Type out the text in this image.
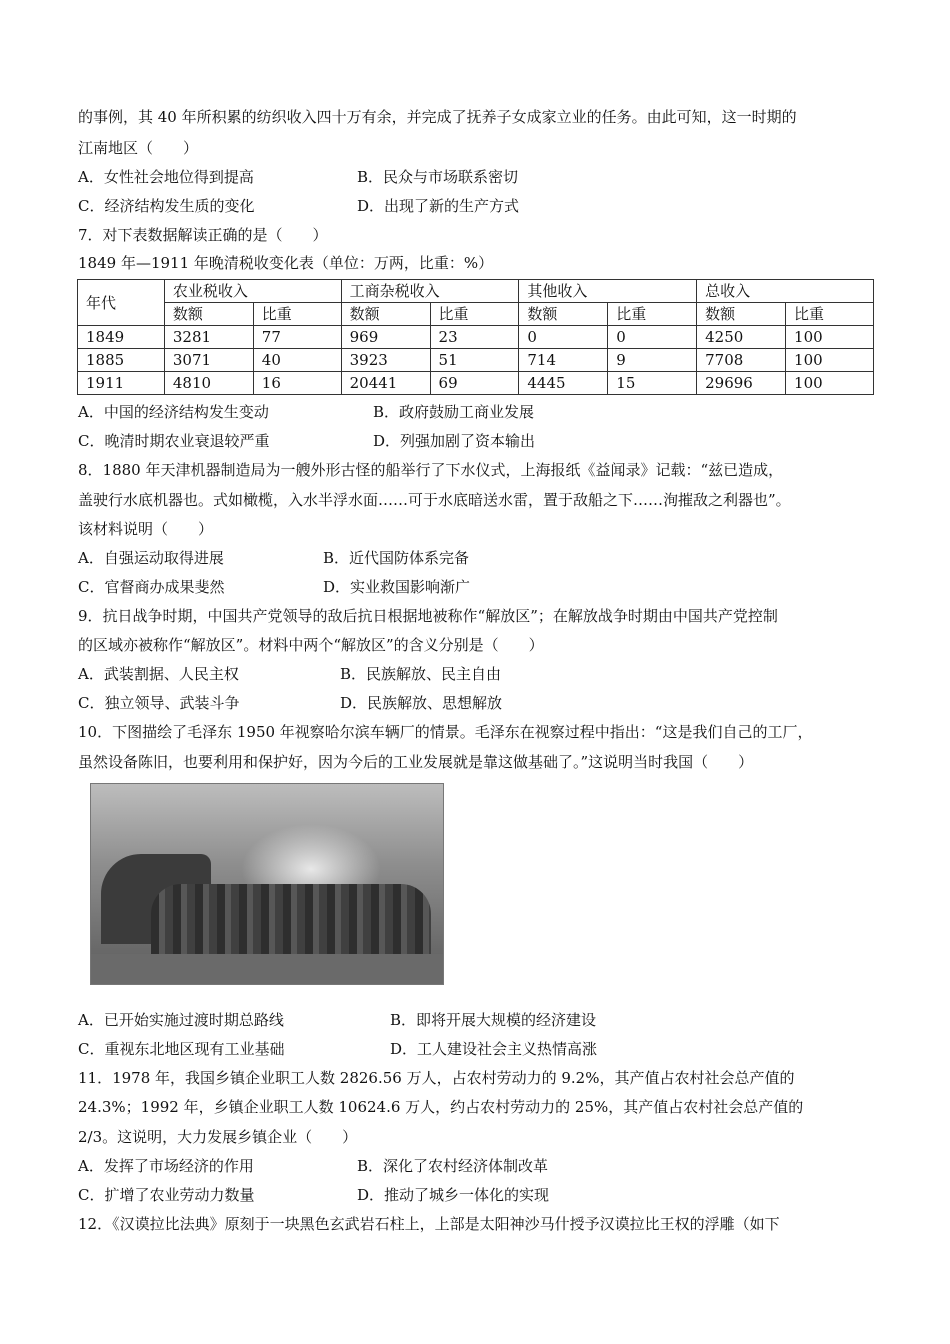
的事例，其 40 年所积累的纺织收入四十万有余，并完成了抚养子女成家立业的任务。由此可知，这一时期的
江南地区（　　）
A．女性社会地位得到提高	B．民众与市场联系密切
C．经济结构发生质的变化	D．出现了新的生产方式
7．对下表数据解读正确的是（　　）
1849 年—1911 年晚清税收变化表（单位：万两，比重：%）
年代	农业税收入		工商杂税收入		其他收入		总收入	
	数额	比重	数额	比重	数额	比重	数额	比重
1849	3281	77	969	23	0	0	4250	100
1885	3071	40	3923	51	714	9	7708	100
1911	4810	16	20441	69	4445	15	29696	100
A．中国的经济结构发生变动	B．政府鼓励工商业发展
C．晚清时期农业衰退较严重	D．列强加剧了资本输出
8．1880 年天津机器制造局为一艘外形古怪的船举行了下水仪式，上海报纸《益闻录》记载：“兹已造成，
盖驶行水底机器也。式如橄榄，入水半浮水面……可于水底暗送水雷，置于敌船之下……洵摧敌之利器也”。
该材料说明（　　）
A．自强运动取得进展	B．近代国防体系完备
C．官督商办成果斐然	D．实业救国影响渐广
9．抗日战争时期，中国共产党领导的敌后抗日根据地被称作“解放区”；在解放战争时期由中国共产党控制
的区域亦被称作“解放区”。材料中两个“解放区”的含义分别是（　　）
A．武装割据、人民主权	B．民族解放、民主自由
C．独立领导、武装斗争	D．民族解放、思想解放
10．下图描绘了毛泽东 1950 年视察哈尔滨车辆厂的情景。毛泽东在视察过程中指出：“这是我们自己的工厂，
虽然设备陈旧，也要利用和保护好，因为今后的工业发展就是靠这做基础了。”这说明当时我国（　　）
A．已开始实施过渡时期总路线	B．即将开展大规模的经济建设
C．重视东北地区现有工业基础	D．工人建设社会主义热情高涨
11．1978 年，我国乡镇企业职工人数 2826.56 万人，占农村劳动力的 9.2%，其产值占农村社会总产值的
24.3%；1992 年，乡镇企业职工人数 10624.6 万人，约占农村劳动力的 25%，其产值占农村社会总产值的
2/3。这说明，大力发展乡镇企业（　　）
A．发挥了市场经济的作用	B．深化了农村经济体制改革
C．扩增了农业劳动力数量	D．推动了城乡一体化的实现
12．《汉谟拉比法典》原刻于一块黑色玄武岩石柱上，上部是太阳神沙马什授予汉谟拉比王权的浮雕（如下
